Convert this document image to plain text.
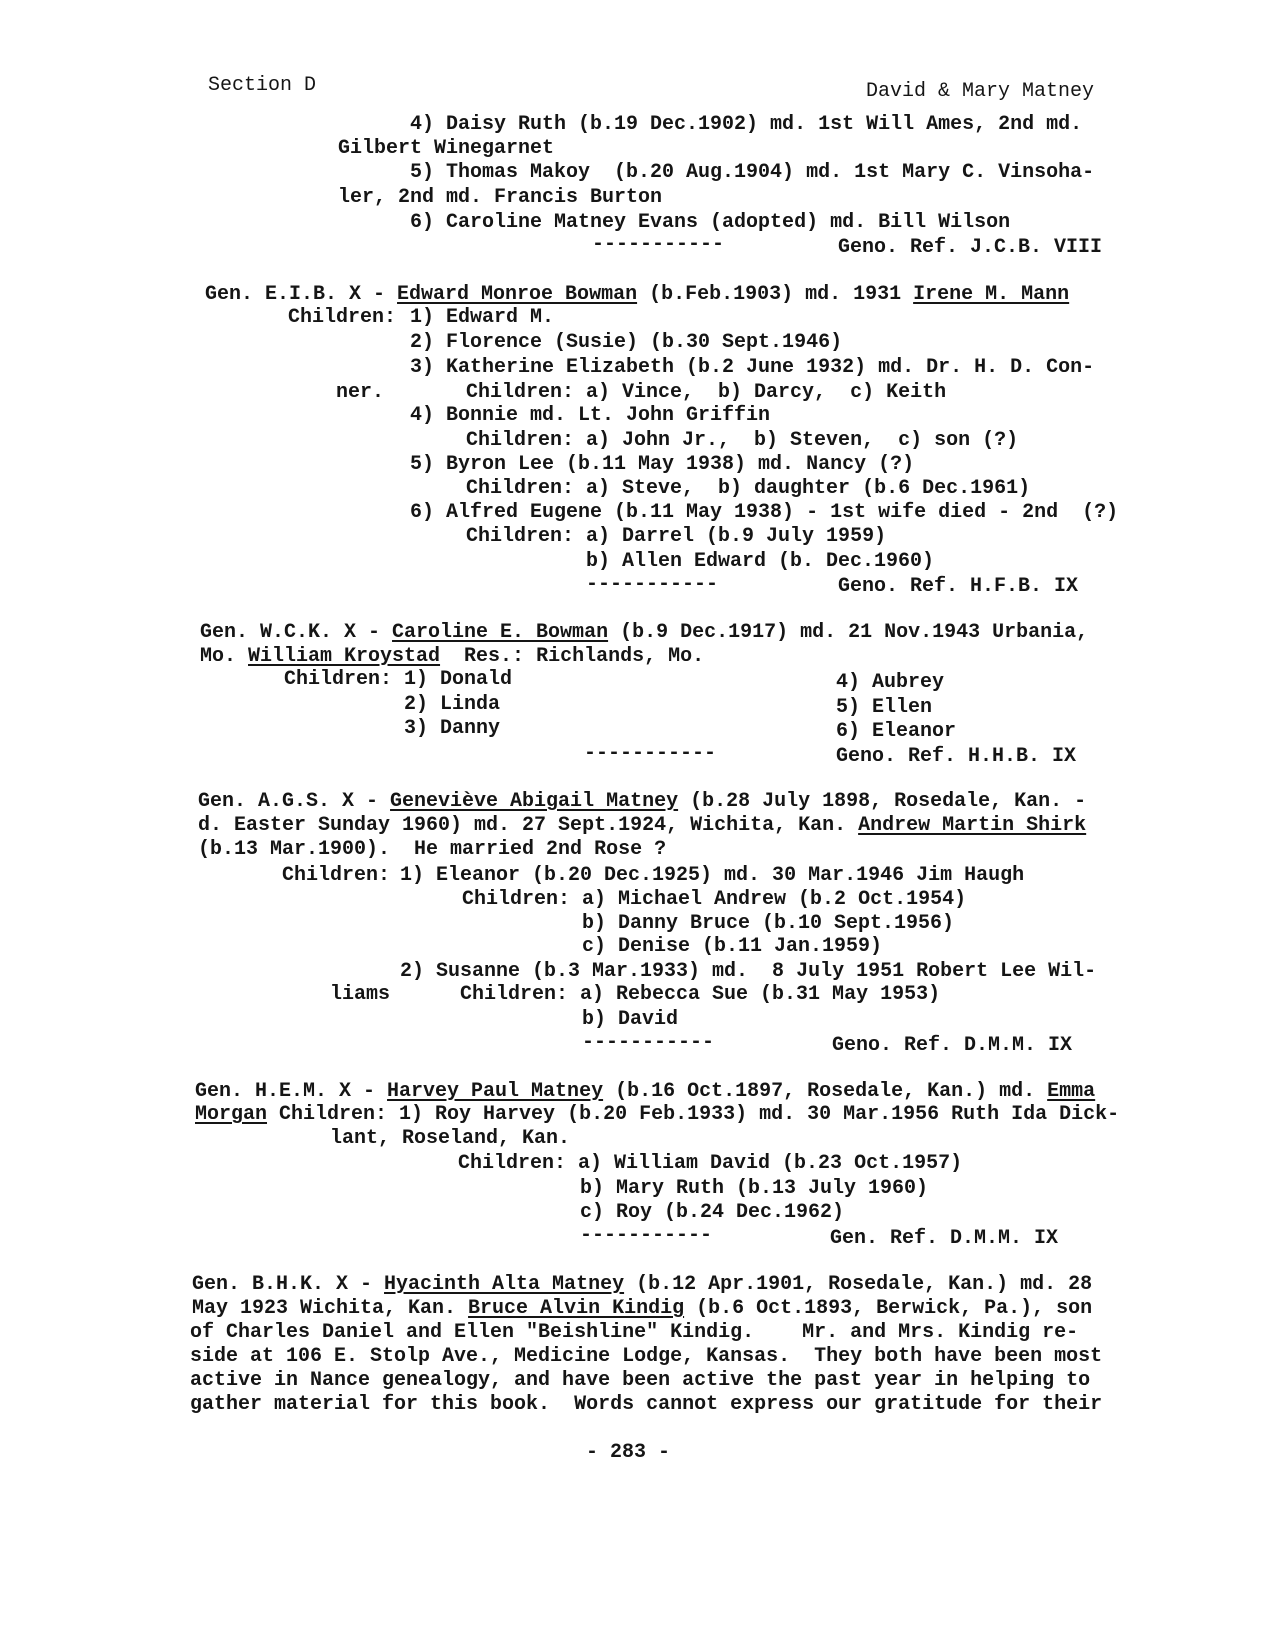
Section D	David & Mary Matney
4) Daisy Ruth (b.19 Dec.1902) md. 1st Will Ames, 2nd md.
Gilbert Winegarnet
5) Thomas Makoy  (b.20 Aug.1904) md. 1st Mary C. Vinsoha-
ler, 2nd md. Francis Burton
6) Caroline Matney Evans (adopted) md. Bill Wilson
-----------	Geno. Ref. J.C.B. VIII
Gen. E.I.B. X - Edward Monroe Bowman (b.Feb.1903) md. 1931 Irene M. Mann
Children: 1) Edward M.
2) Florence (Susie) (b.30 Sept.1946)
3) Katherine Elizabeth (b.2 June 1932) md. Dr. H. D. Con-
ner.	Children: a) Vince,  b) Darcy,  c) Keith
4) Bonnie md. Lt. John Griffin
Children: a) John Jr.,  b) Steven,  c) son (?)
5) Byron Lee (b.11 May 1938) md. Nancy (?)
Children: a) Steve,  b) daughter (b.6 Dec.1961)
6) Alfred Eugene (b.11 May 1938) - 1st wife died - 2nd  (?)
Children: a) Darrel (b.9 July 1959)
b) Allen Edward (b. Dec.1960)
-----------	Geno. Ref. H.F.B. IX
Gen. W.C.K. X - Caroline E. Bowman (b.9 Dec.1917) md. 21 Nov.1943 Urbania,
Mo. William Kroystad  Res.: Richlands, Mo.
Children: 1) Donald
2) Linda
3) Danny
4) Aubrey
5) Ellen
6) Eleanor
-----------	Geno. Ref. H.H.B. IX
Gen. A.G.S. X - Geneviève Abigail Matney (b.28 July 1898, Rosedale, Kan. -
d. Easter Sunday 1960) md. 27 Sept.1924, Wichita, Kan. Andrew Martin Shirk
(b.13 Mar.1900).  He married 2nd Rose ?
Children: 1) Eleanor (b.20 Dec.1925) md. 30 Mar.1946 Jim Haugh
Children: a) Michael Andrew (b.2 Oct.1954)
b) Danny Bruce (b.10 Sept.1956)
c) Denise (b.11 Jan.1959)
2) Susanne (b.3 Mar.1933) md.  8 July 1951 Robert Lee Wil-
liams	Children: a) Rebecca Sue (b.31 May 1953)
b) David
-----------	Geno. Ref. D.M.M. IX
Gen. H.E.M. X - Harvey Paul Matney (b.16 Oct.1897, Rosedale, Kan.) md. Emma
Morgan Children: 1) Roy Harvey (b.20 Feb.1933) md. 30 Mar.1956 Ruth Ida Dick-
lant, Roseland, Kan.
Children: a) William David (b.23 Oct.1957)
b) Mary Ruth (b.13 July 1960)
c) Roy (b.24 Dec.1962)
-----------	Gen. Ref. D.M.M. IX
Gen. B.H.K. X - Hyacinth Alta Matney (b.12 Apr.1901, Rosedale, Kan.) md. 28
May 1923 Wichita, Kan. Bruce Alvin Kindig (b.6 Oct.1893, Berwick, Pa.), son
of Charles Daniel and Ellen "Beishline" Kindig.    Mr. and Mrs. Kindig re-
side at 106 E. Stolp Ave., Medicine Lodge, Kansas.  They both have been most
active in Nance genealogy, and have been active the past year in helping to
gather material for this book.  Words cannot express our gratitude for their
- 283 -
